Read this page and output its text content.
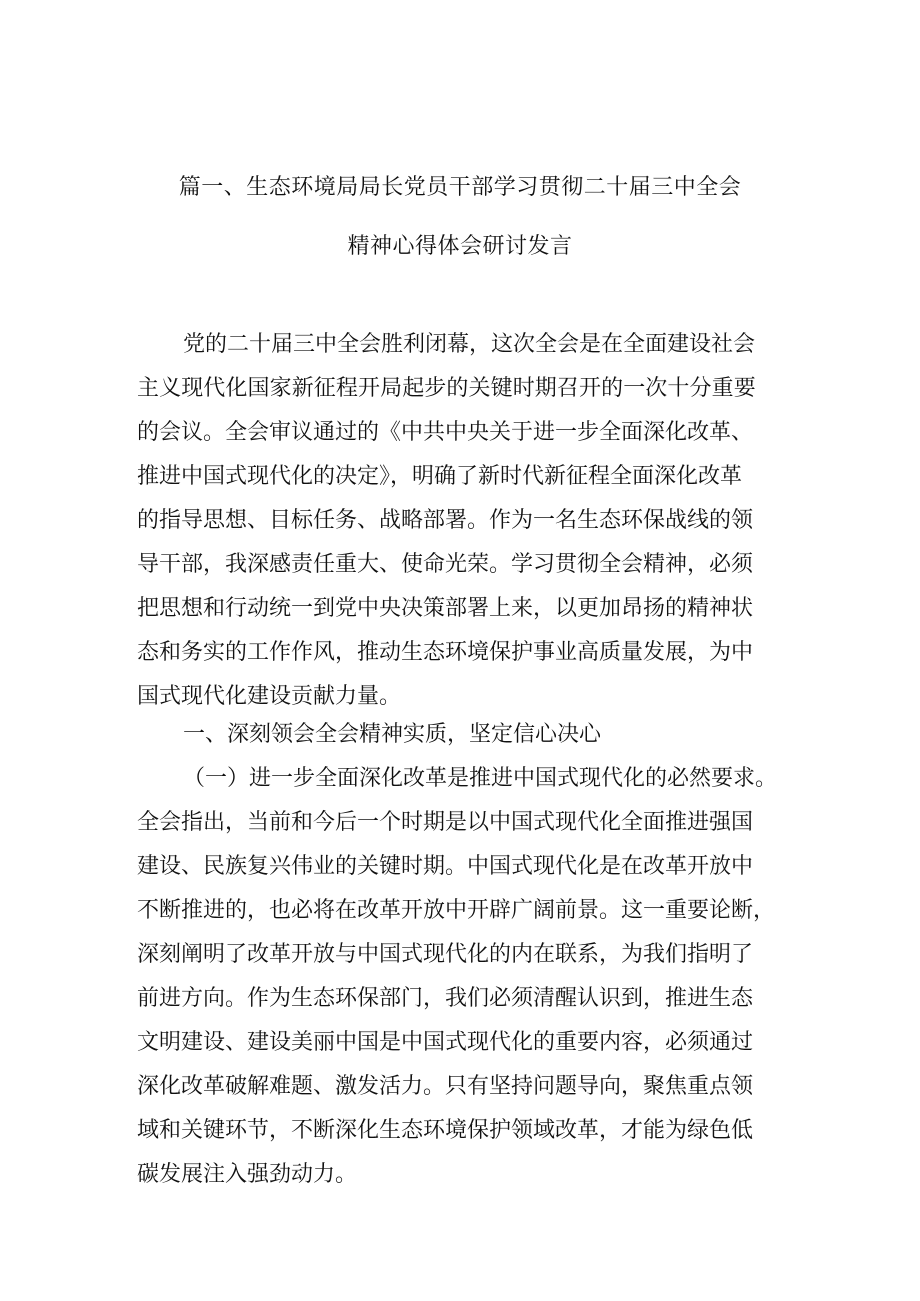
篇一、生态环境局局长党员干部学习贯彻二十届三中全会
精神心得体会研讨发言
党的二十届三中全会胜利闭幕，这次全会是在全面建设社会
主义现代化国家新征程开局起步的关键时期召开的一次十分重要
的会议。全会审议通过的《中共中央关于进一步全面深化改革、
推进中国式现代化的决定》，明确了新时代新征程全面深化改革
的指导思想、目标任务、战略部署。作为一名生态环保战线的领
导干部，我深感责任重大、使命光荣。学习贯彻全会精神，必须
把思想和行动统一到党中央决策部署上来，以更加昂扬的精神状
态和务实的工作作风，推动生态环境保护事业高质量发展，为中
国式现代化建设贡献力量。
一、深刻领会全会精神实质，坚定信心决心
（一）进一步全面深化改革是推进中国式现代化的必然要求。
全会指出，当前和今后一个时期是以中国式现代化全面推进强国
建设、民族复兴伟业的关键时期。中国式现代化是在改革开放中
不断推进的，也必将在改革开放中开辟广阔前景。这一重要论断，
深刻阐明了改革开放与中国式现代化的内在联系，为我们指明了
前进方向。作为生态环保部门，我们必须清醒认识到，推进生态
文明建设、建设美丽中国是中国式现代化的重要内容，必须通过
深化改革破解难题、激发活力。只有坚持问题导向，聚焦重点领
域和关键环节，不断深化生态环境保护领域改革，才能为绿色低
碳发展注入强劲动力。
